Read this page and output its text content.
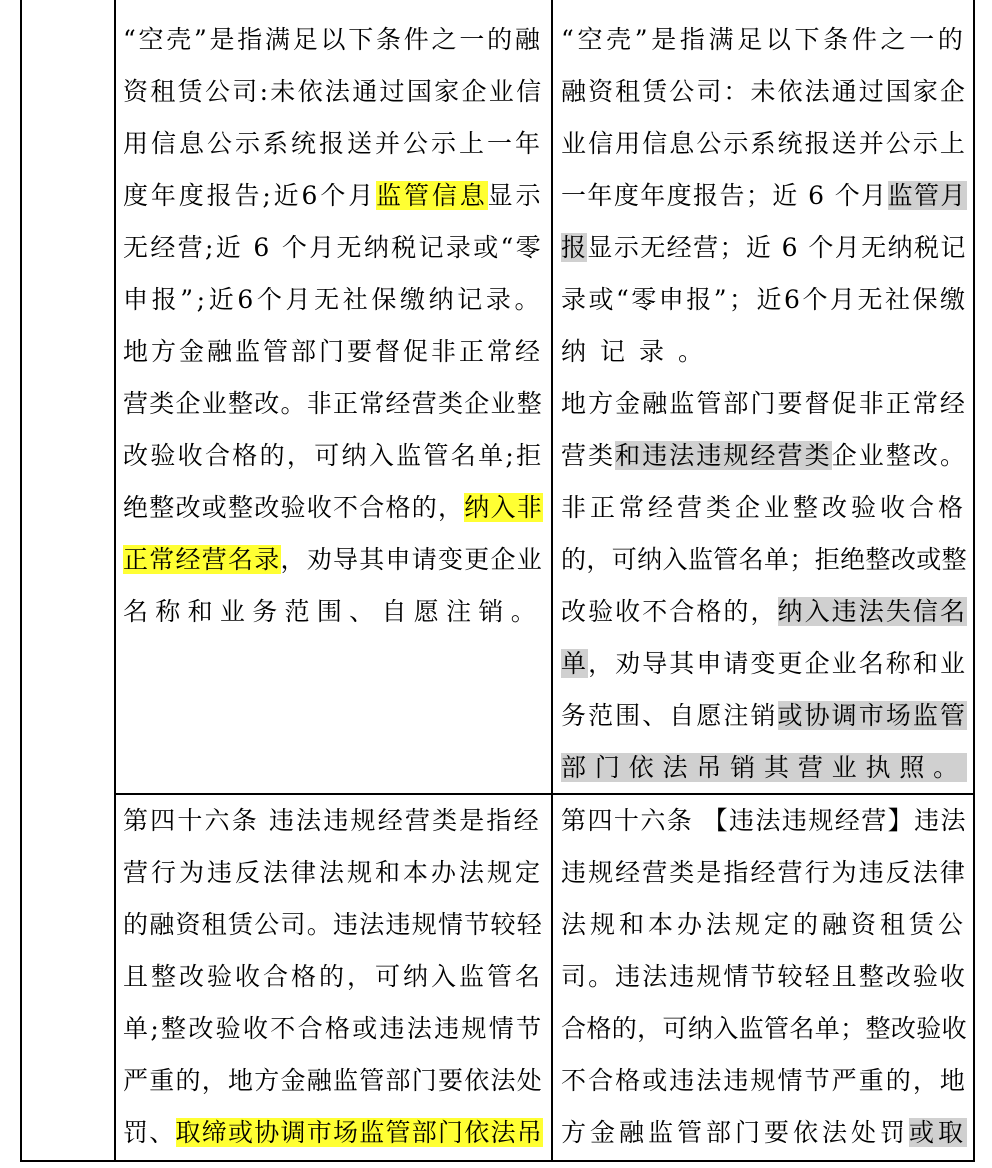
“空壳”是指满足以下条件之一的融
资租赁公司:未依法通过国家企业信
用信息公示系统报送并公示上一年
度年度报告;近6个月监管信息显示
无经营;近 6 个月无纳税记录或“零
申报”;近6个月无社保缴纳记录。
地方金融监管部门要督促非正常经
营类企业整改。非正常经营类企业整
改验收合格的，可纳入监管名单;拒
绝整改或整改验收不合格的，纳入非
正常经营名录，劝导其申请变更企业
名称和业务范围、自愿注销。
“空壳”是指满足以下条件之一的
融资租赁公司：未依法通过国家企
业信用信息公示系统报送并公示上
一年度年度报告；近 6 个月监管月
报显示无经营；近 6 个月无纳税记
录或“零申报”；近6个月无社保缴
纳记录。
地方金融监管部门要督促非正常经
营类和违法违规经营类企业整改。
非正常经营类企业整改验收合格
的，可纳入监管名单；拒绝整改或整
改验收不合格的，纳入违法失信名
单，劝导其申请变更企业名称和业
务范围、自愿注销或协调市场监管
部门依法吊销其营业执照。
第四十六条 违法违规经营类是指经
营行为违反法律法规和本办法规定
的融资租赁公司。违法违规情节较轻
且整改验收合格的，可纳入监管名
单;整改验收不合格或违法违规情节
严重的，地方金融监管部门要依法处
罚、取缔或协调市场监管部门依法吊
第四十六条 【违法违规经营】违法
违规经营类是指经营行为违反法律
法规和本办法规定的融资租赁公
司。违法违规情节较轻且整改验收
合格的，可纳入监管名单；整改验收
不合格或违法违规情节严重的，地
方金融监管部门要依法处罚或取
